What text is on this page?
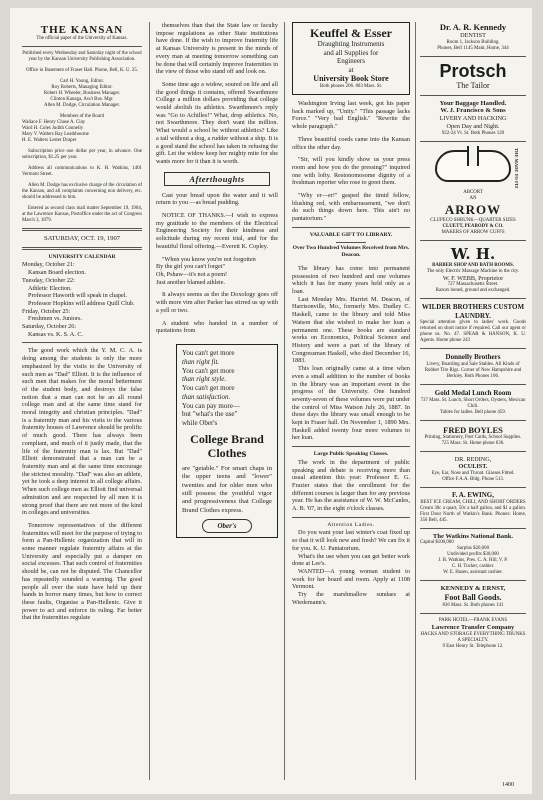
THE KANSAN
The official paper of the University of Kansas.
Published every Wednesday and Saturday night of the school year by the Kansan University Publishing Association.
Office in Basement of Fraser Hall. Phone, Bell, K. U. 25.
Carl H. Young, Editor.
Roy Roberts, Managing Editor.
Robert H. Wheeler, Business Manager.
Clinton Kanaga, Ass't Bus. Mgr.
Allen M. Dodge, Circulation Manager.
Members of the Board
Wallace F. Henry Chase A. Clay
Ward H. Coles Judith Connelly
Mary V. Walters Ray Leathbourne
H. E. Walters Lester Draper
Subscription price one dollar per year, in advance. One subscription, $1.25 per year.
Address all communications to K. H. Watkins, 1401 Vermont Street.
Allen M. Dodge has exclusive charge of the circulation of the Kansan, and all complaints concerning non delivery, etc. should be addressed to him.
Entered as second class mail matter September 19, 1904, at the Lawrence Kansas, Postoffice under the act of Congress March 3, 1879.
SATURDAY, OCT. 19, 1907
UNIVERSITY CALENDAR
Monday, October 21:
Kansan Board election.
Tuesday, October 22:
Athletic Election.
Professor Haworth will speak in chapel.
Professor Hopkins will address Quill Club.
Friday, October 25:
Freshmen vs. Juniors.
Saturday, October 26:
Kansas vs. K. S. A. C.

The good work which the Y. M. C. A. is doing among the students is only the more emphasized by the visits to the University of such men as "Dad" Elliott. It is the influence of such men that makes for the moral betterment of the student body, and destroys the false notion that a man can not be an all round college man and at the same time stand for moral integrity and christian principles. "Dad" is a fraternity man and his visits to the various fraternity houses of Lawrence should be prolific of much good. There has always been compliant, and much of it justly made, that the life of the fraternity man is lax. But "Dad" Elliott demonstrated that a man can be a fraternity man and at the same time encourage the strictest morality. "Dad" was also an athlete, yet he took a deep interest in all college affairs. When such college men as Elliott find universal admiration and are respected by all men it is strong proof that there are not more of the kind in colleges and universities.

Tomorrow representatives of the different fraternities will meet for the purpose of trying to form a Pan-Hellenic organization that will in some manner regulate fraternity affairs at the University and especially put a damper on social excesses. That such control of fraternities should be, can not be disputed. The Chancellor has repeatedly sounded a warning. The good people all over the state have held up their hands in horror many times, but how to correct these faults, Organise a Pan-Hellenic. Give it power to act and enforce its ruling. Far better that the fraternities regulate

themselves than that the State law or faculty impose regulations as other State institutions have done. If the wish to improve fraternity life at Kansas University is present in the minds of every man at meeting tomorrow something can be done that will certainly improve fraternities in the view of those who stand off and look on.

Some time ago a widow, soured on life and all the good things it contains, offered Swarthmore College a million dollars providing that college would abolish its athletics. Swarthmore's reply was "Go to Achilles!" What, drop athletics. No, not Swarthmore. They don't want the million. What would a school be without athletics? Like a tail without a dog, a rudder without a ship. It is a good stand the school has taken in refusing the gift. Let the widow keep her mighty mite for she wants more for it than it is worth.

Afterthoughts

Cast your bread upon the water and it will return to you —as bread pudding.

NOTICE OF THANKS.—I wish to express my gratitude to the members of the Electrical Engineering Society for their kindness and solicitude during my recent trial, and for the beautiful floral offering.—Everett K. Copley.

"When you know you're not forgotten
By the girl you can't forget"
Oh, Pshaw—it's not a poem!
Just another blamed athlete.

It always seems as tho the Doxology goes off with more vim after Parker has stirred us up with a yell or two.

A student who handed in a number of quotations from

You can't get more
than right fit.
You can't get more
than right style.
You can't get more
than satisfaction.
You can pay more—
but "what's the use"
while Ober's
College Brand Clothes

are "getable." For smart chaps in the upper teens and "lower" twenties and for older men who still possess the youthful vigor and progressiveness that College Brand Clothes express.

Ober's
Keuffel & Esser
Draughting Instruments
and all Supplies for
Engineers
at
University Book Store
Both phones 206. 803 Mass. St.

Washington Irving last week, got his paper back marked up, "Unity." "This passage lacks Force." "Very bad English." "Rewrite the whole paragraph."

Three beautiful coeds came into the Kansan office the other day.

"Sir, will you kindly show us your press room and how you do the pressing?" inquired one with lofty. Restonomosome dignity of a freshman reporter who rose to greet them.

"Why er—er!" gasped the timid fellow, blushing red, with embarrassment, "we don't do such things down here. This ain't no pantatorium."

VALUABLE GIFT TO LIBRARY.
Over Two Hundred Volumes Received from Mrs. Deacon.

The library has come into permanent possession of two hundred and one volumes which it has for many years held only as a loan.

Last Monday Mrs. Harriet M. Deacon, of Harrisonville, Mo., formerly Mrs. Dudley C. Haskell, came to the library and told Miss Watson that she wished to make her loan a permanent one. These books are standard works on Economics, Political Science and History and were a part of the library of Congressman Haskell, who died December 16, 1883.

This loan originally came at a time when even a small addition to the number of books in the library was an important event in the progress of the University. One hundred seventy-seven of these volumes were put under the control of Miss Watson July 26, 1887. In those days the library was small enough to be kept in Fraser hall. On November 1, 1890 Mrs. Haskell added twenty four more volumes to her loan.

Large Public Speaking Classes.

The work in the department of public speaking and debate is receiving more than usual attention this year: Professor E. G. Frazier states that the enrollment for the different courses is larger than for any previous year. He has the assistance of W. W. McCanles, A. B. '07, in the eight o'clock classes.

Attention Ladies.

Do you want your last winter's coat fixed up so that it will look new and fresh? We can fix it for you. K. U. Pantatorium.

What's the use when you can get better work done at Lee's.

WANTED—A young woman student to work for her board and room. Apply at 1108 Vermont.

Try the marshmallow sundaes at Wiedemann's.

Dr. A. R. Kennedy
DENTIST
Room 1, Jackson Building.
Phones, Bell 1145 Main; Home, 344
Protsch
The Tailor
Your Baggage Handled.
W. J. Francisco & Sons
LIVERY AND HACKING
Open Day and Night.
922-24 Vt. St. Both Phones 120
THE MADE TO FIT
ABCORT
AN
ARROW
CLUPECO SHRUNK—QUARTER SIZES
CLUETT, PEABODY & CO.
MAKERS OF ARROW CUFFS
W. H.
BARBER SHOP AND BATH ROOMS.
The only Electric Massage Machine in the city.
W. F. WEBB, Proprietor
727 Massachusetts Street.
Razors honed, ground and exchanged.
WILDER BROTHERS CUSTOM LAUNDRY.
Special attention given to ladies' work. Goods returned on short notice if required. Call our agent or phone us. No. 47. SPEAR & HANSON, K. U. Agents. Home phone 243
Donnelly Brothers
Livery, Boarding and Sale Stables. All Kinds of Rubber Tire Rigs. Corner of New Hampshire and Berkley. Both Phones 106.
Gold Medal Lunch Room
737 Mass. St. Lunch, Short Orders, Oysters, Mexican Chili.
Tables for ladies. Bell phone 459.
FRED BOYLES
Printing, Stationery, Post Cards, School Supplies.
725 Mass. St. Home phone 636.
DR. REDING,
OCULIST.
Eye, Ear, Nose and Throat. Glasses Fitted.
Office F.A.A. Bldg. Phone 513.
F. A. EWING,
BEST ICE CREAM, CHILI, AND SHORT ORDERS
Cream 30c a quart, 50c a half gallon, and $1 a gallon. First Door North of Watkin's Bank. Phones: Home, 350 Bell, 445.
The Watkins National Bank.
Capital $100,000
Surplus $20,000
Undivided profits $30,000
J. B. Watkins, Pres. C. A. Hill, V. P.
C. H. Tucker, cashier.
W. E. Hazen, assistant cashier.
KENNEDY & ERNST,
Foot Ball Goods.
836 Mass. St. Both phones 141
PARK HOTEL—FRANK EVANS
Lawrence Transfer Company
HACKS AND STORAGE EVERYTHING TRUNKS A SPECIALTY.
9 East Henry St. Telephone 12.
1400
